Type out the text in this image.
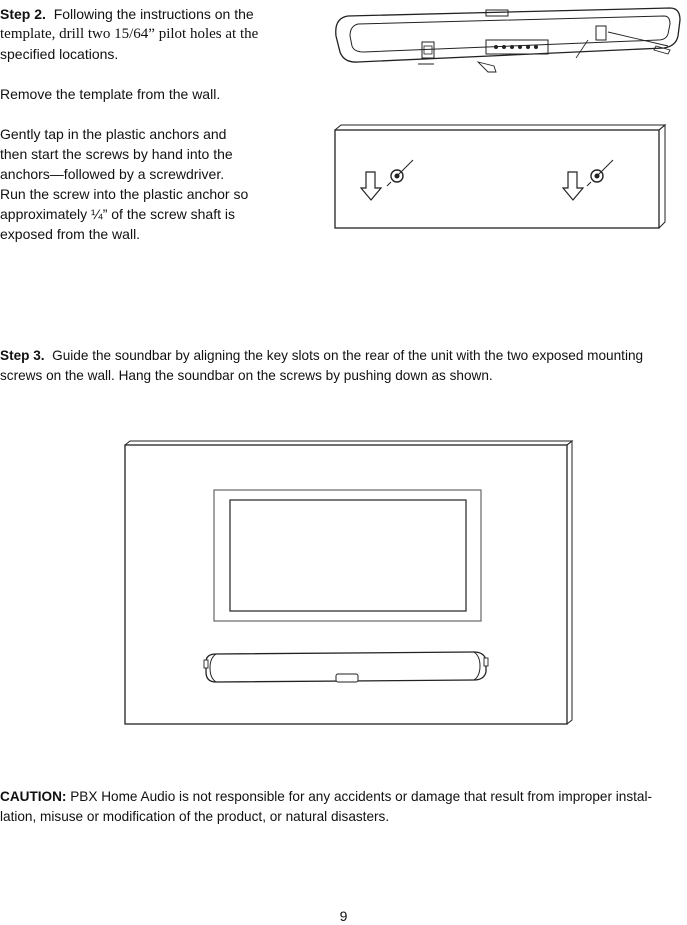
Step 2. Following the instructions on the
template, drill two 15/64” pilot holes at the
specified locations.
Remove the template from the wall.
Gently tap in the plastic anchors and
then start the screws by hand into the
anchors—followed by a screwdriver.
Run the screw into the plastic anchor so
approximately ¼” of the screw shaft is
exposed from the wall.
Step 3. Guide the soundbar by aligning the key slots on the rear of the unit with the two exposed mounting
screws on the wall. Hang the soundbar on the screws by pushing down as shown.
CAUTION: PBX Home Audio is not responsible for any accidents or damage that result from improper instal-
lation, misuse or modification of the product, or natural disasters.
9
